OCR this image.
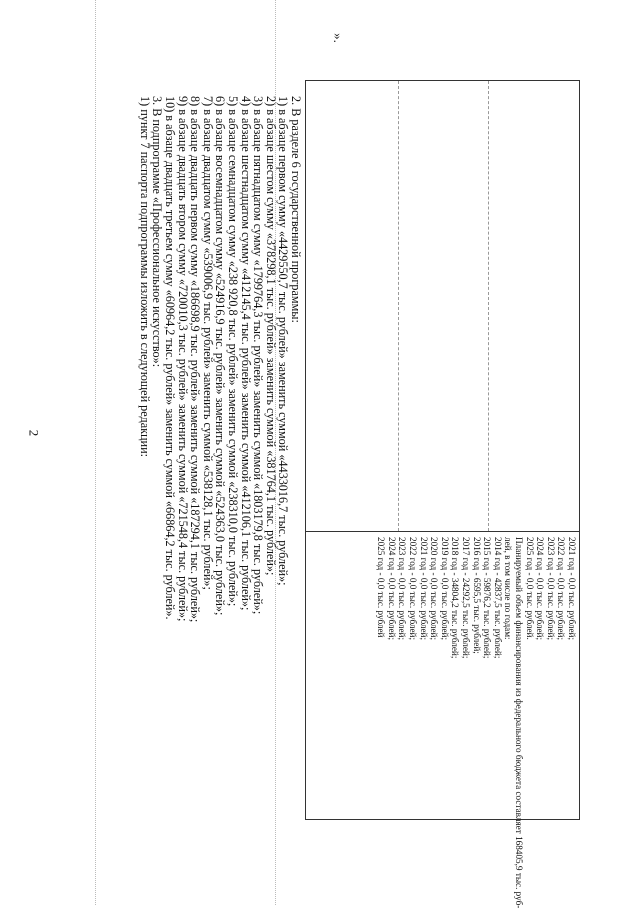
2
».
2021 год - 0,0 тыс. рублей;
2022 год - 0,0 тыс. рублей;
2023 год - 0,0 тыс. рублей;
2024 год - 0,0 тыс. рублей;
2025 год - 0,0 тыс. рублей.
Планируемый объем финансирования из федерального бюджета составляет 168405,9 тыс. руб-
лей, в том числе по годам:
2014 год - 42837,5 тыс. рублей;
2015 год - 59876,2 тыс. рублей;
2016 год - 6595,5 тыс. рублей;
2017 год - 24292,5 тыс. рублей;
2018 год - 34804,2 тыс. рублей;
2019 год - 0,0 тыс. рублей;
2020 год - 0,0 тыс. рублей;
2021 год - 0,0 тыс. рублей;
2022 год - 0,0 тыс. рублей;
2023 год - 0,0 тыс. рублей;
2024 год - 0,0 тыс. рублей;
2025 год - 0,0 тыс. рублей
2. В разделе 6 государственной программы:
1) в абзаце первом сумму «4429550,7 тыс. рублей» заменить суммой «4433016,7 тыс. рублей»;
2) в абзаце шестом сумму «378298,1 тыс. рублей» заменить суммой «381764,1 тыс. рублей»;
3) в абзаце пятнадцатом сумму «1799764,3 тыс. рублей» заменить суммой «1803179,8 тыс. рублей»;
4) в абзаце шестнадцатом сумму «412145,4 тыс. рублей» заменить суммой «412106,1 тыс. рублей»;
5) в абзаце семнадцатом сумму «238 920,8 тыс. рублей» заменить суммой «238310,0 тыс. рублей»;
6) в абзаце восемнадцатом сумму «524916,9 тыс. рублей» заменить суммой «524363,0 тыс. рублей»;
7) в абзаце двадцатом сумму «539006,9 тыс. рублей» заменить суммой «538128,1 тыс. рублей»;
8) в абзаце двадцать первом сумму «186698,9 тыс. рублей» заменить суммой «187294,1 тыс. рублей»;
9) в абзаце двадцать втором сумму «720010,3 тыс. рублей» заменить суммой «721548,4 тыс. рублей»;
10) в абзаце двадцать третьем сумму «60964,2 тыс. рублей» заменить суммой «66864,2 тыс. рублей».
3. В подпрограмме «Профессиональное искусство»:
1) пункт 7 паспорта подпрограммы изложить в следующей редакции:
